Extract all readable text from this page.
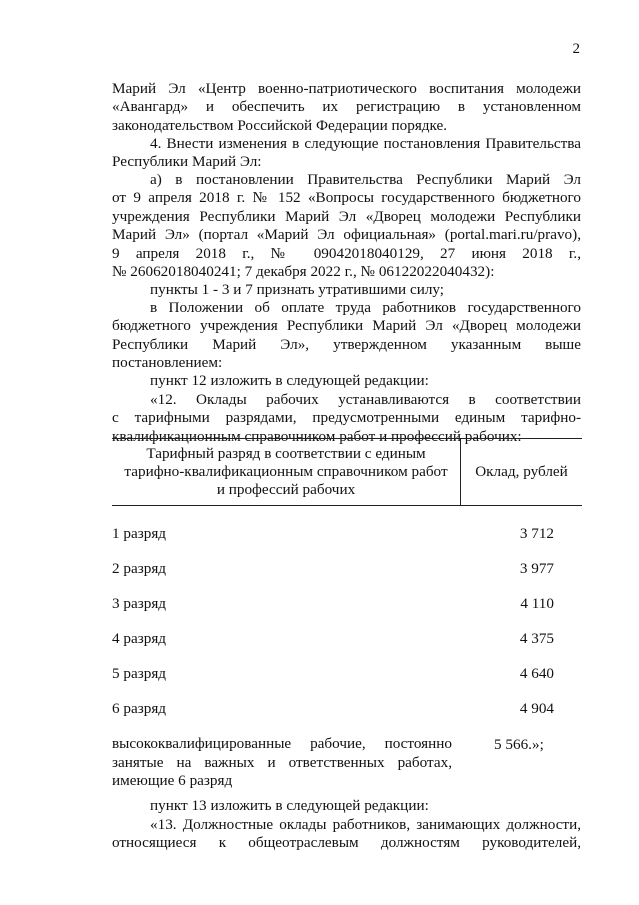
2

Марий Эл «Центр военно-патриотического воспитания молодежи

«Авангард» и обеспечить их регистрацию в установленном

законодательством Российской Федерации порядке.

4. Внести изменения в следующие постановления Правительства

Республики Марий Эл:

а) в постановлении Правительства Республики Марий Эл

от 9 апреля 2018 г. № 152 «Вопросы государственного бюджетного

учреждения Республики Марий Эл «Дворец молодежи Республики

Марий Эл» (портал «Марий Эл официальная» (portal.mari.ru/pravo),

9 апреля 2018 г., № 09042018040129, 27 июня 2018 г.,

№ 26062018040241; 7 декабря 2022 г., № 06122022040432):

пункты 1 - 3 и 7 признать утратившими силу;

в Положении об оплате труда работников государственного

бюджетного учреждения Республики Марий Эл «Дворец молодежи

Республики Марий Эл», утвержденном указанным выше

постановлением:

пункт 12 изложить в следующей редакции:

«12. Оклады рабочих устанавливаются в соответствии

с тарифными разрядами, предусмотренными единым тарифно-

квалификационным справочником работ и профессий рабочих:

Тарифный разряд в соответствии с единым
тарифно-квалификационным справочником работ
и профессий рабочих
Оклад, рублей
1 разряд	3 712
2 разряд	3 977
3 разряд	4 110
4 разряд	4 375
5 разряд	4 640
6 разряд	4 904
высококвалифицированные рабочие, постоянно
занятые на важных и ответственных работах,
имеющие 6 разряд
5 566.»;

пункт 13 изложить в следующей редакции:

«13. Должностные оклады работников, занимающих должности,

относящиеся к общеотраслевым должностям руководителей,
